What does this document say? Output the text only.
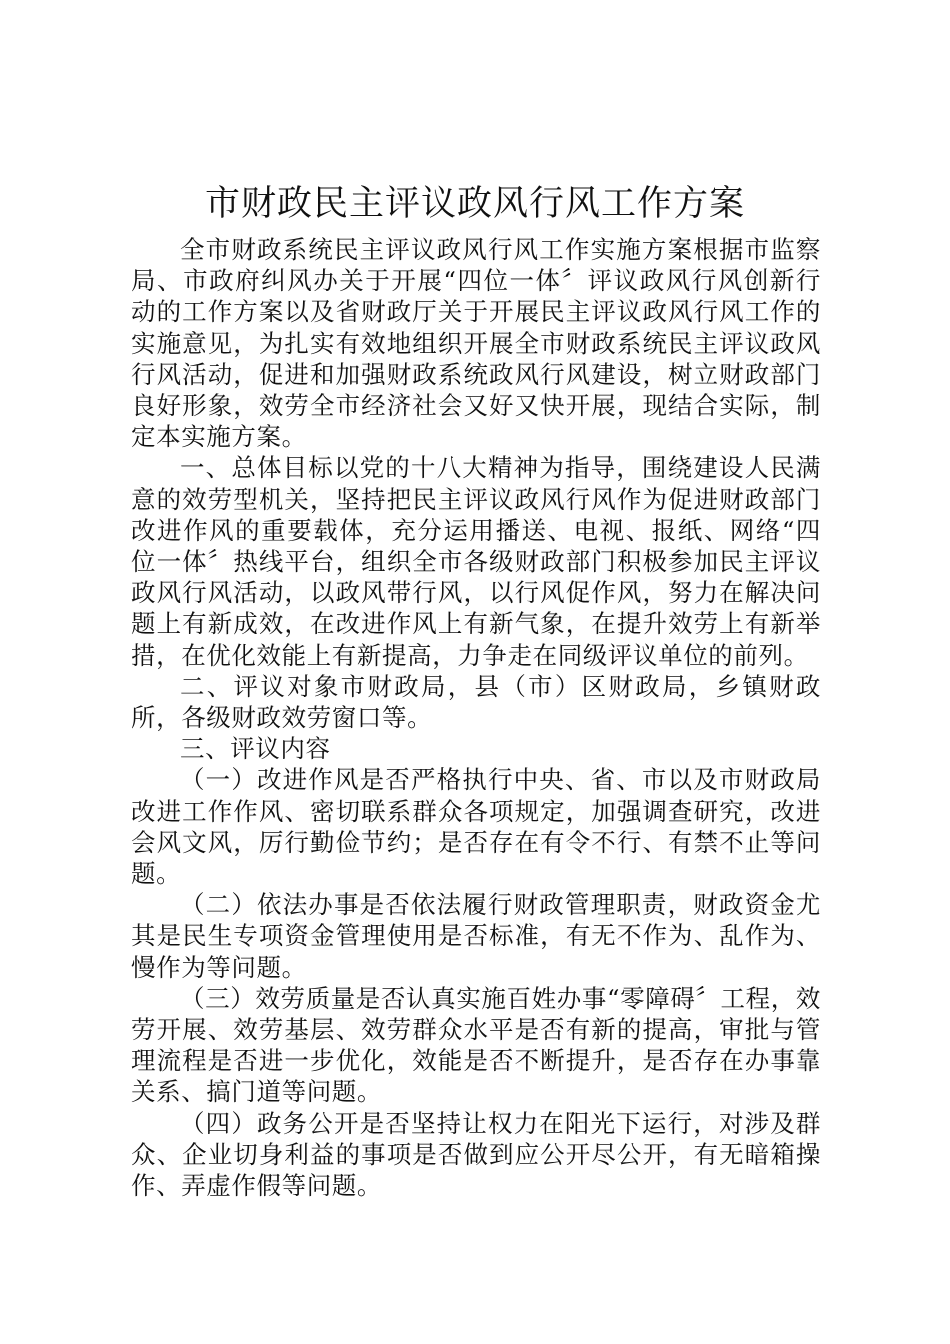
市财政民主评议政风行风工作方案

全市财政系统民主评议政风行风工作实施方案根据市监察局、市政府纠风办关于开展“四位一体〞评议政风行风创新行动的工作方案以及省财政厅关于开展民主评议政风行风工作的实施意见，为扎实有效地组织开展全市财政系统民主评议政风行风活动，促进和加强财政系统政风行风建设，树立财政部门良好形象，效劳全市经济社会又好又快开展，现结合实际，制定本实施方案。

一、总体目标以党的十八大精神为指导，围绕建设人民满意的效劳型机关，坚持把民主评议政风行风作为促进财政部门改进作风的重要载体，充分运用播送、电视、报纸、网络“四位一体〞热线平台，组织全市各级财政部门积极参加民主评议政风行风活动，以政风带行风，以行风促作风，努力在解决问题上有新成效，在改进作风上有新气象，在提升效劳上有新举措，在优化效能上有新提高，力争走在同级评议单位的前列。

二、评议对象市财政局，县（市）区财政局，乡镇财政所，各级财政效劳窗口等。

三、评议内容

（一）改进作风是否严格执行中央、省、市以及市财政局改进工作作风、密切联系群众各项规定，加强调查研究，改进会风文风，厉行勤俭节约；是否存在有令不行、有禁不止等问题。

（二）依法办事是否依法履行财政管理职责，财政资金尤其是民生专项资金管理使用是否标准，有无不作为、乱作为、慢作为等问题。

（三）效劳质量是否认真实施百姓办事“零障碍〞工程，效劳开展、效劳基层、效劳群众水平是否有新的提高，审批与管理流程是否进一步优化，效能是否不断提升，是否存在办事靠关系、搞门道等问题。

（四）政务公开是否坚持让权力在阳光下运行，对涉及群众、企业切身利益的事项是否做到应公开尽公开，有无暗箱操作、弄虚作假等问题。
